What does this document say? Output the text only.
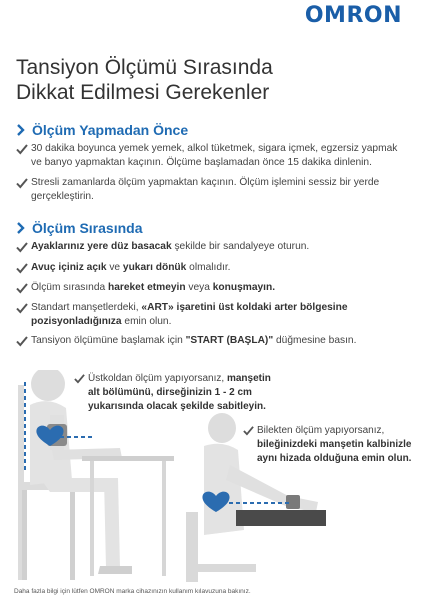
OMRON
Tansiyon Ölçümü Sırasında
Dikkat Edilmesi Gerekenler
Ölçüm Yapmadan Önce
30 dakika boyunca yemek yemek, alkol tüketmek, sigara içmek, egzersiz yapmak ve banyo yapmaktan kaçının. Ölçüme başlamadan önce 15 dakika dinlenin.
Stresli zamanlarda ölçüm yapmaktan kaçının. Ölçüm işlemini sessiz bir yerde gerçekleştirin.
Ölçüm Sırasında
Ayaklarınız yere düz basacak şekilde bir sandalyeye oturun.
Avuç içiniz açık ve yukarı dönük olmalıdır.
Ölçüm sırasında hareket etmeyin veya konuşmayın.
Standart manşetlerdeki, «ART» işaretini üst koldaki arter bölgesine pozisyonladığınıza emin olun.
Tansiyon ölçümüne başlamak için "START (BAŞLA)" düğmesine basın.
Üstkoldan ölçüm yapıyorsanız, manşetin alt bölümünü, dirseğinizin 1 - 2 cm yukarısında olacak şekilde sabitleyin.
Bilekten ölçüm yapıyorsanız, bileğinizdeki manşetin kalbinizle aynı hizada olduğuna emin olun.
Daha fazla bilgi için lütfen OMRON marka cihazınızın kullanım kılavuzuna bakınız.
